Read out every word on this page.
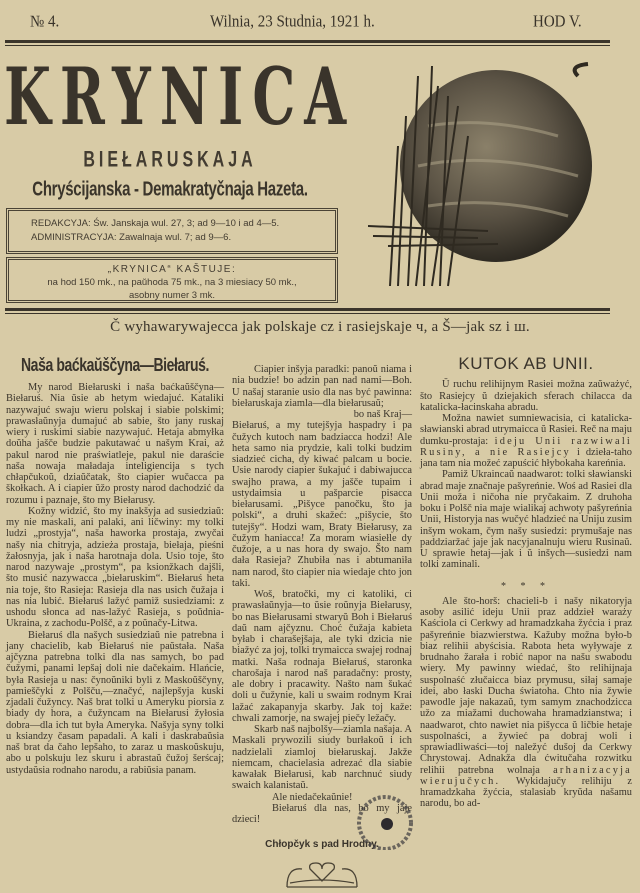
№ 4.	Wilnia, 23 Studnia, 1921 h.	HOD V.
KRYNICA
BIEŁARUSKAJA
Chryścijanska - Demakratyčnaja Hazeta.
REDAKCYJA: Św. Janskaja wul. 27, 3; ad 9—10 i ad 4—5.
ADMINISTRACYJA: Zawalnaja wul. 7; ad 9—6.
„KRYNICA“ KAŠTUJE:
na hod 150 mk., na paŭhoda 75 mk., na 3 miesiacy 50 mk.,
asobny numer 3 mk.
Č wyhawarywajecca jak polskaje cz i rasiejskaje ч, a Š—jak sz i ш.
Naša baćkaŭščyna—Biełaruś.

My narod Biełaruski i naša baćkaŭščyna—Biełaruś. Nia ŭsie ab hetym wiedajuć. Kataliki nazywajuć swaju wieru polskaj i siabie polskimi; prawasłaŭnyja dumajuć ab sabie, što jany ruskaj wiery i ruskimi siabie nazywajuć. Hetaja abmyłka doŭha jašče budzie pakutawać u našym Krai, aż pakul narod nie praświatleje, pakul nie daraście naša nowaja maładaja inteligiencija s tych chłapčukoŭ, dziaŭčatak, što ciapier wučacca pa škołkach. A i ciapier ŭžo prosty narod dachodzić da rozumu i paznaje, što my Biełarusy.

Kožny widzić, što my inakšyja ad susiedziaŭ: my nie maskali, ani palaki, ani ličwiny: my tolki ludzi „prostyja“, naša haworka prostaja, zwyčai našy nia chitryja, adzieża prostaja, biełaja, pieśni žałosnyja, jak i naša harotnaja dola. Usio toje, što narod nazywaje „prostym“, pa ksionžkach dajšli, što musić nazywacca „biełaruskim“. Biełaruś heta nia toje, što Rasieja: Rasieja dla nas usich čužaja i nas nia lubić. Biełaruś lažyć pamiž susiedziami: z ushodu słonca ad nas-lažyć Rasieja, s poŭdnia-Ukraina, z zachodu-Polšč, a z poŭnačy-Litwa.

Biełaruś dla našych susiedziaŭ nie patrebna i jany chacielib, kab Biełaruś nie paŭstała. Naša ajčyzna patrebna tolki dla nas samych, bo pad čužymi, panami lepšaj doli nie dačekaim. Hlańcie, była Rasieja u nas: čynoŭniki byli z Maskoŭščyny, pamieščyki z Polšču,—značyć, najlepšyja kuski zjadali čužyncy. Naš brat tolki u Ameryku piorsia z biady dy hora, a čužyncam na Biełarusi žyłosia dobra—dla ich tut była Ameryka. Našyja syny tolki u ksiandzy časam papadali. A kali i daskrabaŭsia naš brat da čaho lepšaho, to zaraz u maskoŭskuju, abo u polskuju lez skuru i abrastaŭ čužoj šerścaj; ustydaŭsia rodnaho narodu, a rabiŭsia panam.

Ciapier inšyja paradki: panoŭ niama i nia budzie! bo adzin pan nad nami—Boh. U našaj staranie usio dla nas być pawinna: biełaruskaja ziamla—dla biełarusaŭ;

bo naš Kraj—

Biełaruś, a my tutejšyja haspadry i pa čužych kutoch nam badziacca hodzi! Ale heta samo nia prydzie, kali tolki budzim siadzieć cicha, dy kiwać palcam u bocie. Usie narody ciapier šukajuć i dabiwajucca swajho prawa, a my jašče tupaim i ustydaimsia u pašparcie pisacca biełarusami. „Pišyce panočku, što ja polski“, a druhi skažeć: „pišycie, što tutejšy“. Hodzi wam, Braty Biełarusy, za čužym haniacca! Za moram wiasiełle dy čužoje, a u nas hora dy swajo. Što nam dała Rasieja? Zhubiła nas i abtumaniła nam narod, što ciapier nia wiedaje chto jon taki.

Woš, bratočki, my ci katoliki, ci prawasłaŭnyja—to ŭsie roŭnyja Biełarusy, bo nas Biełarusami stwaryŭ Boh i Biełaruś daŭ nam ajčyznu. Choć čužaja kabieta byłab i charašejšaja, ale tyki dzicia nie biažyć za joj, tolki trymaicca swajej rodnaj matki. Naša rodnaja Biełaruś, staronka charošaja i narod naš paradačny: prosty, ale dobry i pracawity. Našto nam šukać doli u čužynie, kali u swaim rodnym Krai lažać zakapanyja skarby. Jak toj kaže: chwali zamorje, na swajej piečy ležačy.

Skarb naš najbolšy—ziamla našaja. A Maskali prywozili siudy burłakoŭ i ich nadzielali ziamloj biełaruskaj. Jakže niemcam, chacielasia adrezać dla siabie kawałak Biełarusi, kab narchnuć siudy swaich kalanistaŭ.

Ale niedačekaŭnie!

Biełaruś dla nas, bo my jaje dzieci!

Chłopčyk s pad Hrodny.
KUTOK AB UNII.

Ŭ ruchu relihijnym Rasiei možna zaŭważyć, što Rasiejcy ŭ dziejakich sferach chilacca da katalicka-łacinskaha abradu.

Možna nawiet sumniewacisia, ci katalicka-sławianski abrad utrymaicca ŭ Rasiei. Reč na maju dumku-prostaja: ideju Unii razwiwali Rusiny, a nie Rasiejcy i dzieła-taho jana tam nia možeć zapuścić hłybokaha kareńnia.

Pamiž Ukraincaŭ naadwarot: tolki sławianski abrad maje značnaje pašyreńnie. Woś ad Rasiei dla Unii moža i ničoha nie pryčakaim. Z druhoha boku i Polšč nia maje wialikaj achwoty pašyreńnia Unii, Historyja nas wučyć hladzieć na Uniju zusim inšym wokam, čym našy susiedzi: prymušaje nas paddziaržać jaje jak nacyjanalnuju wieru Rusinaŭ. U sprawie hetaj—jak i ŭ inšych—susiedzi nam tolki zaminali.

* * *

Ale što-horš: chacieli-b i našy nikatoryja asoby asilić ideju Unii praz addzieł waraży Kaściola ci Cerkwy ad hramadzkaha žyćcia i praz pašyreńnie biazwierstwa. Kažuby možna było-b biaz relihii abyścisia. Rabota heta wyływaje z brudnaho žarała i robić napor na našu swabodu wiery. My pawinny wiedać, što relihijnaja suspolnaść złučaicca biaz prymusu, siłaj samaje idei, abo łaski Ducha światoha. Chto nia žywie pawodle jaje nakazaŭ, tym samym znachodzicca užo za miažami duchowaha hramadzianstwa; i naadwarot, chto nawiet nia pišycca ŭ ličbie hetaje suspolnaści, a žywieć pa dobraj woli i sprawiadliwaści—toj naležyć dušoj da Cerkwy Chrystowaj. Adnakža dla ćwitučaha rozwitku relihii patrebna wolnaja arhanizacyja wierujučych. Wykidajučy relihiju z hramadzkaha žyćcia, stalasiab kryŭda našamu narodu, bo ad-
